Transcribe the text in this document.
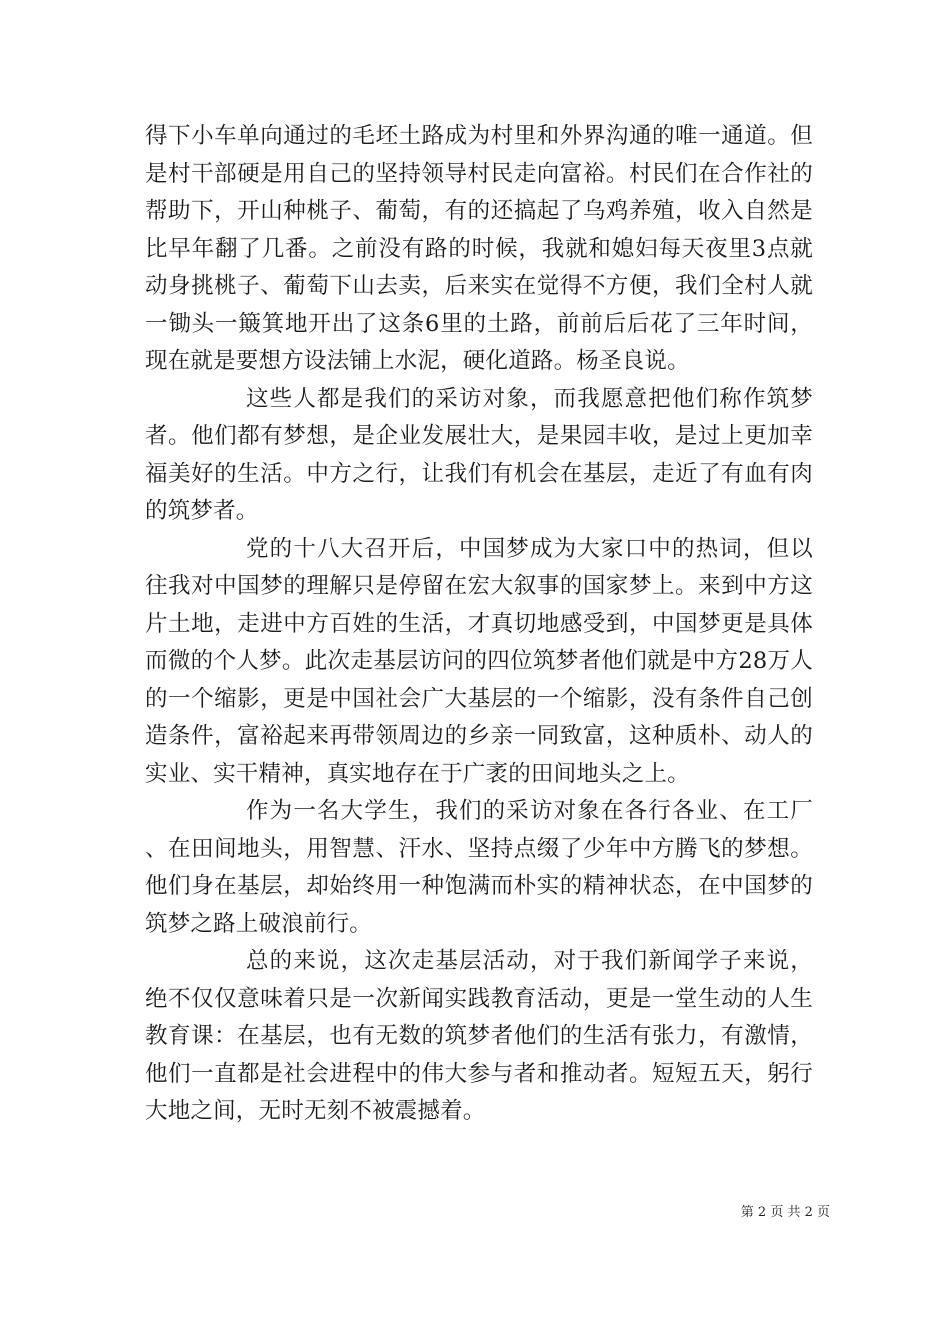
得下小车单向通过的毛坯土路成为村里和外界沟通的唯一通道。但是村干部硬是用自己的坚持领导村民走向富裕。村民们在合作社的帮助下，开山种桃子、葡萄，有的还搞起了乌鸡养殖，收入自然是比早年翻了几番。之前没有路的时候，我就和媳妇每天夜里3点就动身挑桃子、葡萄下山去卖，后来实在觉得不方便，我们全村人就一锄头一簸箕地开出了这条6里的土路，前前后后花了三年时间，现在就是要想方设法铺上水泥，硬化道路。杨圣良说。

这些人都是我们的采访对象，而我愿意把他们称作筑梦者。他们都有梦想，是企业发展壮大，是果园丰收，是过上更加幸福美好的生活。中方之行，让我们有机会在基层，走近了有血有肉的筑梦者。

党的十八大召开后，中国梦成为大家口中的热词，但以往我对中国梦的理解只是停留在宏大叙事的国家梦上。来到中方这片土地，走进中方百姓的生活，才真切地感受到，中国梦更是具体而微的个人梦。此次走基层访问的四位筑梦者他们就是中方28万人的一个缩影，更是中国社会广大基层的一个缩影，没有条件自己创造条件，富裕起来再带领周边的乡亲一同致富，这种质朴、动人的实业、实干精神，真实地存在于广袤的田间地头之上。

作为一名大学生，我们的采访对象在各行各业、在工厂、在田间地头，用智慧、汗水、坚持点缀了少年中方腾飞的梦想。他们身在基层，却始终用一种饱满而朴实的精神状态，在中国梦的筑梦之路上破浪前行。

总的来说，这次走基层活动，对于我们新闻学子来说，绝不仅仅意味着只是一次新闻实践教育活动，更是一堂生动的人生教育课：在基层，也有无数的筑梦者他们的生活有张力，有激情，他们一直都是社会进程中的伟大参与者和推动者。短短五天，躬行大地之间，无时无刻不被震撼着。

第 2 页 共 2 页
